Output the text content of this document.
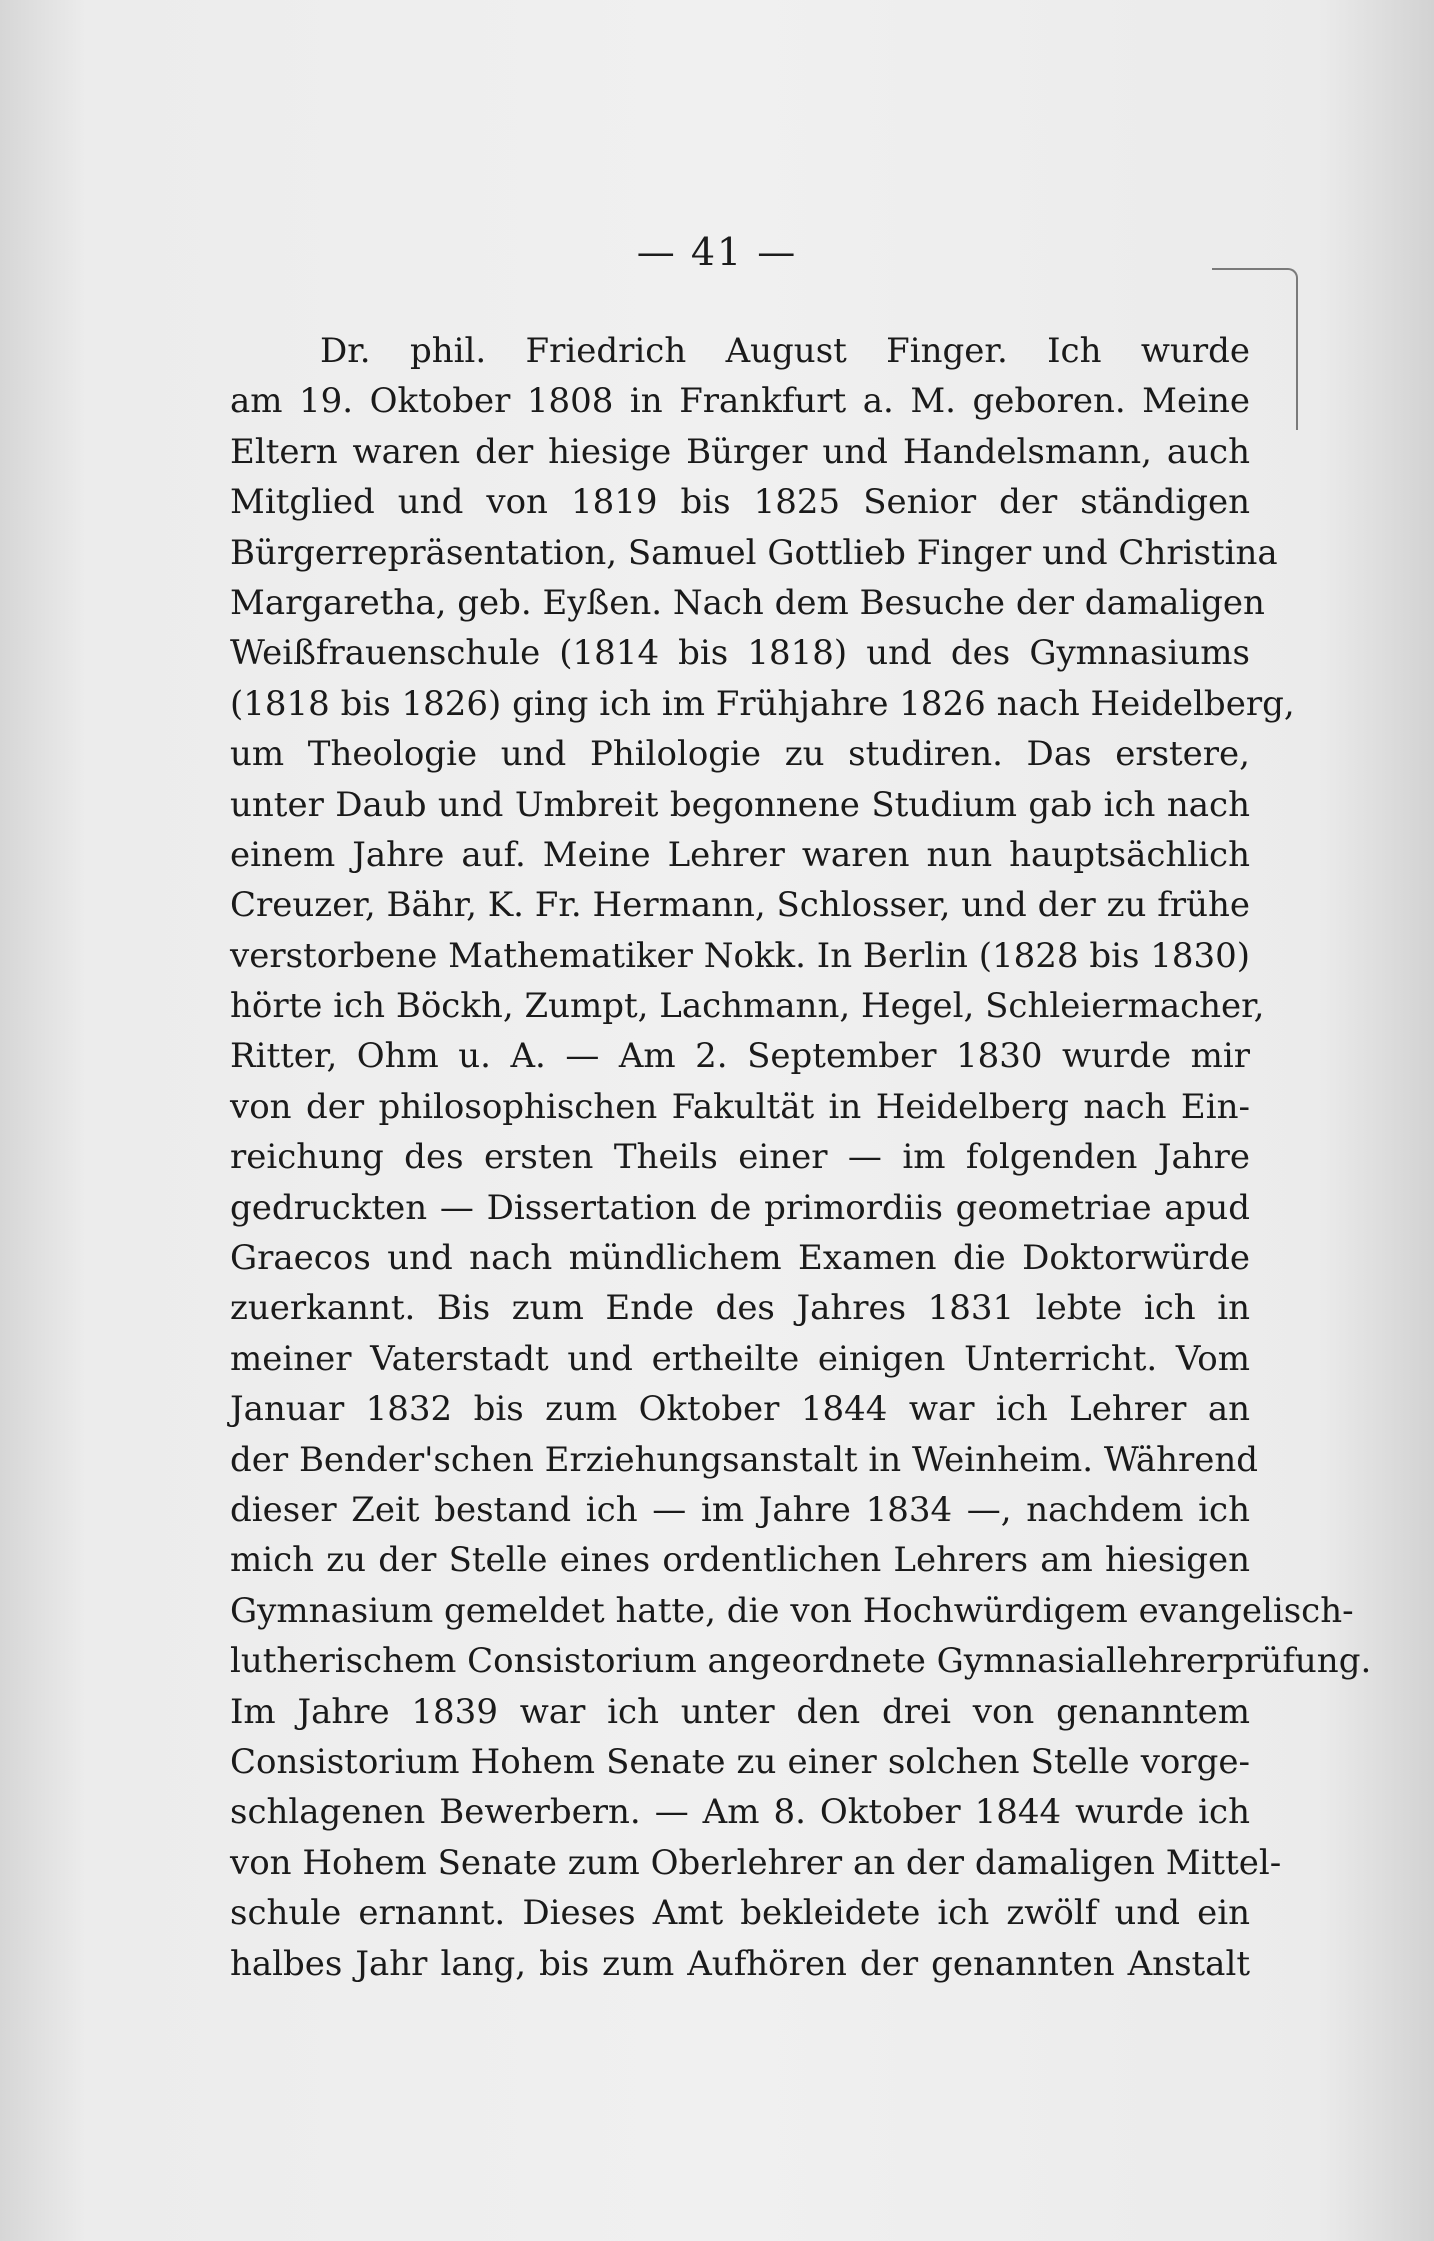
— 41 —
Dr. phil. Friedrich August Finger. Ich wurde
am 19. Oktober 1808 in Frankfurt a. M. geboren. Meine
Eltern waren der hiesige Bürger und Handelsmann, auch
Mitglied und von 1819 bis 1825 Senior der ständigen
Bürgerrepräsentation, Samuel Gottlieb Finger und Christina
Margaretha, geb. Eyßen. Nach dem Besuche der damaligen
Weißfrauenschule (1814 bis 1818) und des Gymnasiums
(1818 bis 1826) ging ich im Frühjahre 1826 nach Heidelberg,
um Theologie und Philologie zu studiren. Das erstere,
unter Daub und Umbreit begonnene Studium gab ich nach
einem Jahre auf. Meine Lehrer waren nun hauptsächlich
Creuzer, Bähr, K. Fr. Hermann, Schlosser, und der zu frühe
verstorbene Mathematiker Nokk. In Berlin (1828 bis 1830)
hörte ich Böckh, Zumpt, Lachmann, Hegel, Schleiermacher,
Ritter, Ohm u. A. — Am 2. September 1830 wurde mir
von der philosophischen Fakultät in Heidelberg nach Ein-
reichung des ersten Theils einer — im folgenden Jahre
gedruckten — Dissertation de primordiis geometriae apud
Graecos und nach mündlichem Examen die Doktorwürde
zuerkannt. Bis zum Ende des Jahres 1831 lebte ich in
meiner Vaterstadt und ertheilte einigen Unterricht. Vom
Januar 1832 bis zum Oktober 1844 war ich Lehrer an
der Bender'schen Erziehungsanstalt in Weinheim. Während
dieser Zeit bestand ich — im Jahre 1834 —, nachdem ich
mich zu der Stelle eines ordentlichen Lehrers am hiesigen
Gymnasium gemeldet hatte, die von Hochwürdigem evangelisch-
lutherischem Consistorium angeordnete Gymnasiallehrerprüfung.
Im Jahre 1839 war ich unter den drei von genanntem
Consistorium Hohem Senate zu einer solchen Stelle vorge-
schlagenen Bewerbern. — Am 8. Oktober 1844 wurde ich
von Hohem Senate zum Oberlehrer an der damaligen Mittel-
schule ernannt. Dieses Amt bekleidete ich zwölf und ein
halbes Jahr lang, bis zum Aufhören der genannten Anstalt
